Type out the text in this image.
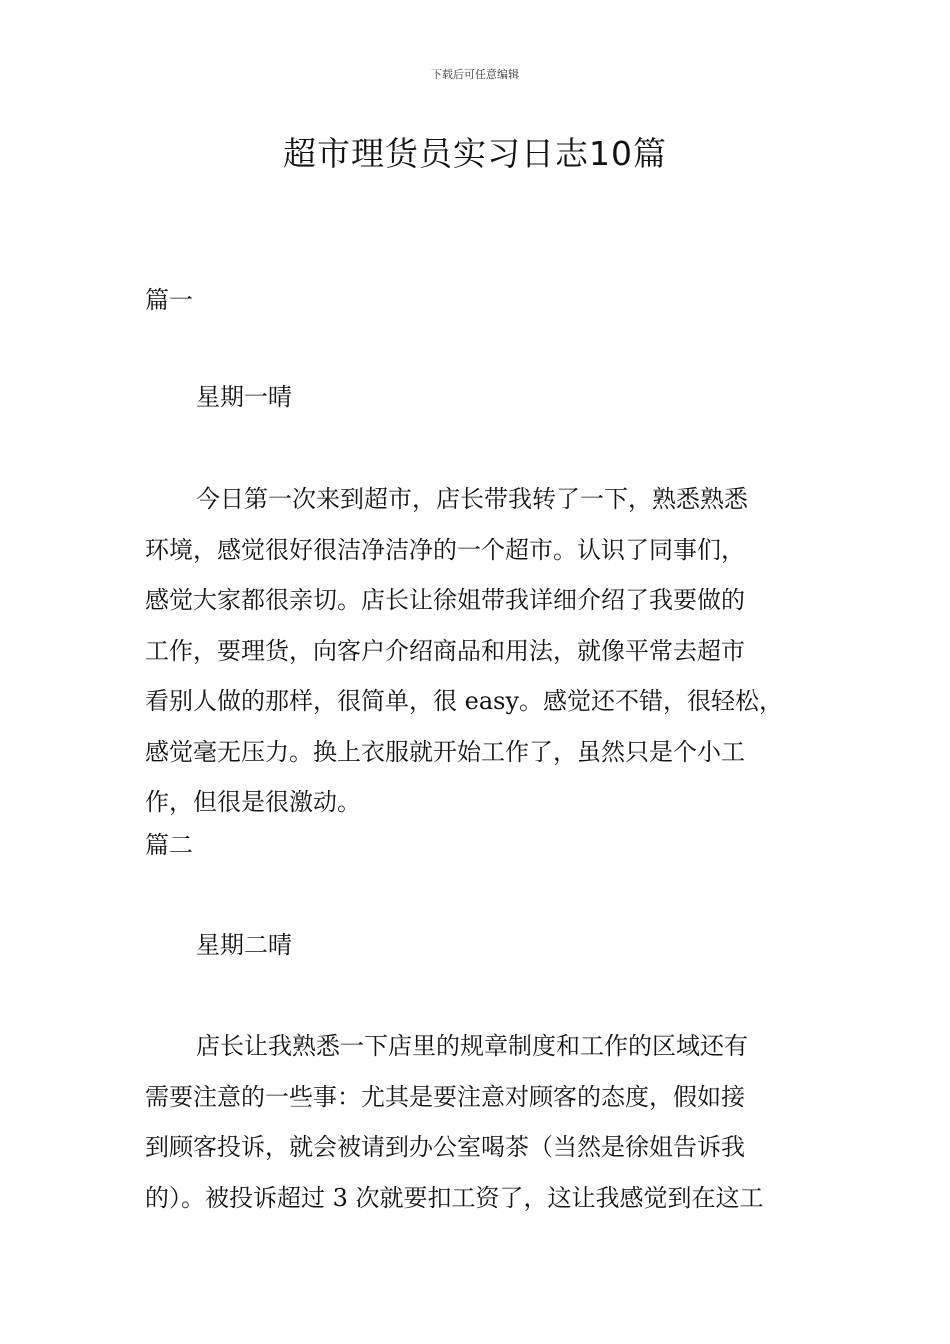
下载后可任意编辑
超市理货员实习日志10篇
篇一
星期一晴
今日第一次来到超市，店长带我转了一下，熟悉熟悉
环境，感觉很好很洁净洁净的一个超市。认识了同事们，
感觉大家都很亲切。店长让徐姐带我详细介绍了我要做的
工作，要理货，向客户介绍商品和用法，就像平常去超市
看别人做的那样，很简单，很 easy。感觉还不错，很轻松，
感觉毫无压力。换上衣服就开始工作了，虽然只是个小工
作，但很是很激动。
篇二
星期二晴
店长让我熟悉一下店里的规章制度和工作的区域还有
需要注意的一些事：尤其是要注意对顾客的态度，假如接
到顾客投诉，就会被请到办公室喝茶（当然是徐姐告诉我
的）。被投诉超过 3 次就要扣工资了，这让我感觉到在这工
